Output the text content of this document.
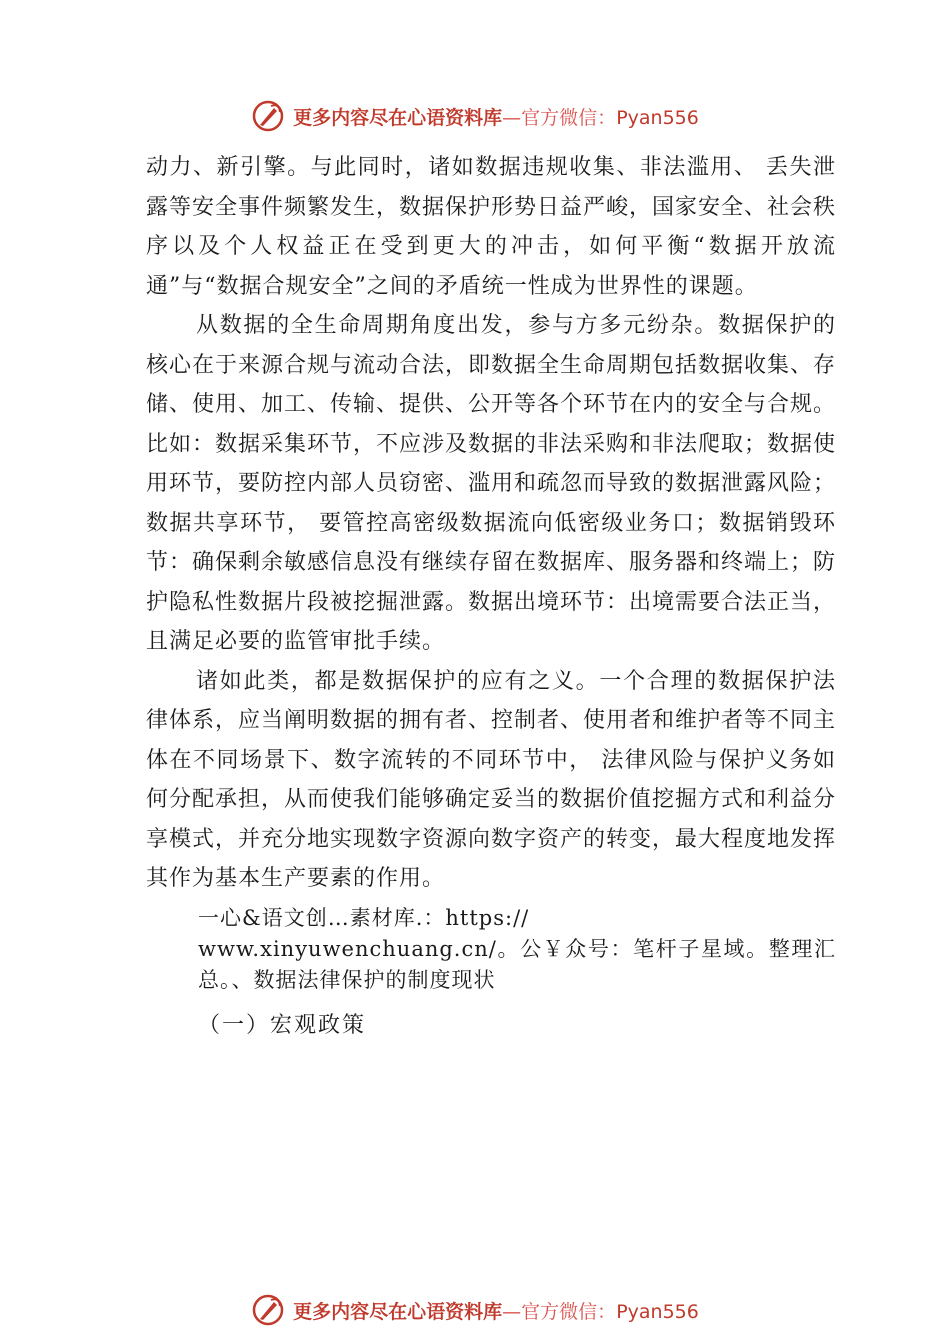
更多内容尽在心语资料库—官方微信：Pyan556

动力、新引擎。与此同时，诸如数据违规收集、非法滥用、 丢失泄露等安全事件频繁发生，数据保护形势日益严峻，国家安全、社会秩序以及个人权益正在受到更大的冲击，如何平衡“数据开放流通”与“数据合规安全”之间的矛盾统一性成为世界性的课题。

从数据的全生命周期角度出发，参与方多元纷杂。数据保护的核心在于来源合规与流动合法，即数据全生命周期包括数据收集、存储、使用、加工、传输、提供、公开等各个环节在内的安全与合规。比如：数据采集环节，不应涉及数据的非法采购和非法爬取；数据使用环节，要防控内部人员窃密、滥用和疏忽而导致的数据泄露风险；数据共享环节， 要管控高密级数据流向低密级业务口；数据销毁环节：确保剩余敏感信息没有继续存留在数据库、服务器和终端上；防护隐私性数据片段被挖掘泄露。数据出境环节：出境需要合法正当，且满足必要的监管审批手续。

诸如此类，都是数据保护的应有之义。一个合理的数据保护法律体系，应当阐明数据的拥有者、控制者、使用者和维护者等不同主体在不同场景下、数字流转的不同环节中， 法律风险与保护义务如何分配承担，从而使我们能够确定妥当的数据价值挖掘方式和利益分享模式，并充分地实现数字资源向数字资产的转变，最大程度地发挥其作为基本生产要素的作用。

一心&语文创…素材库.：https://
www.xinyuwenchuang.cn/。公￥众号：笔杆子星域。整理汇总。、数据法律保护的制度现状
（一）宏观政策
更多内容尽在心语资料库—官方微信：Pyan556
